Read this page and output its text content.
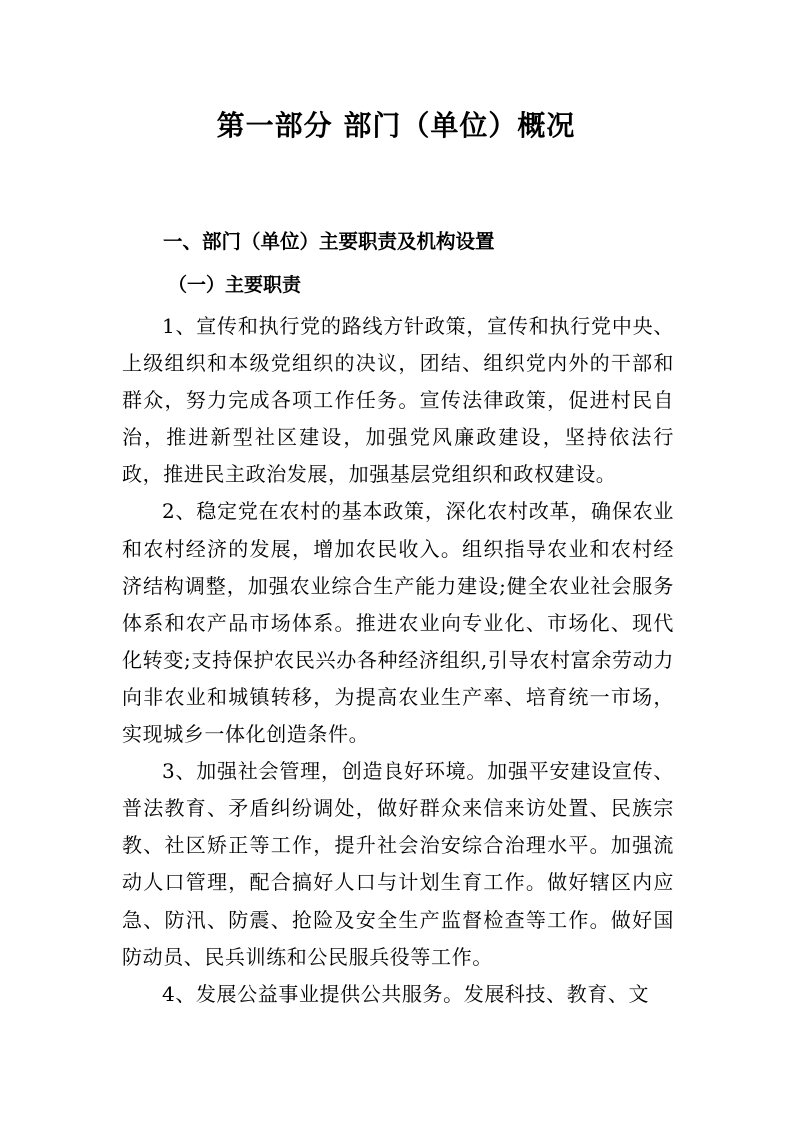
第一部分 部门（单位）概况
一、部门（单位）主要职责及机构设置
（一）主要职责

1、宣传和执行党的路线方针政策，宣传和执行党中央、上级组织和本级党组织的决议，团结、组织党内外的干部和群众，努力完成各项工作任务。宣传法律政策，促进村民自治，推进新型社区建设，加强党风廉政建设，坚持依法行政，推进民主政治发展，加强基层党组织和政权建设。

2、稳定党在农村的基本政策，深化农村改革，确保农业和农村经济的发展，增加农民收入。组织指导农业和农村经济结构调整，加强农业综合生产能力建设;健全农业社会服务体系和农产品市场体系。推进农业向专业化、市场化、现代化转变;支持保护农民兴办各种经济组织,引导农村富余劳动力向非农业和城镇转移，为提高农业生产率、培育统一市场，实现城乡一体化创造条件。

3、加强社会管理，创造良好环境。加强平安建设宣传、普法教育、矛盾纠纷调处，做好群众来信来访处置、民族宗教、社区矫正等工作，提升社会治安综合治理水平。加强流动人口管理，配合搞好人口与计划生育工作。做好辖区内应急、防汛、防震、抢险及安全生产监督检查等工作。做好国防动员、民兵训练和公民服兵役等工作。

4、发展公益事业提供公共服务。发展科技、教育、文
